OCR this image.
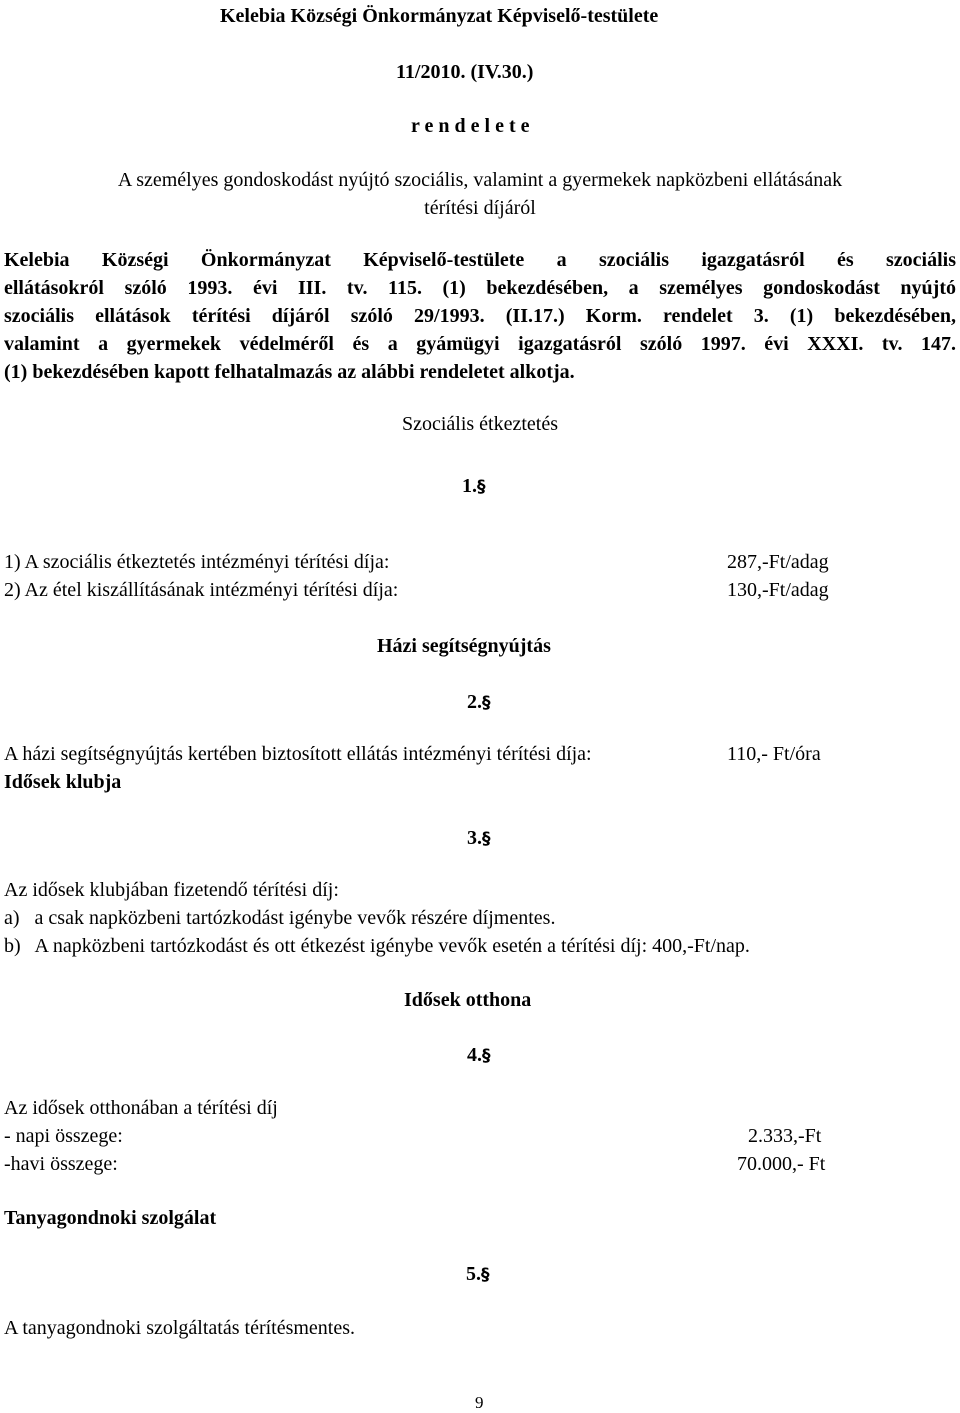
Kelebia Községi Önkormányzat Képviselő-testülete
11/2010. (IV.30.)
r e n d e l e t e
A személyes gondoskodást nyújtó szociális, valamint a gyermekek napközbeni ellátásának
térítési díjáról
Kelebia Községi Önkormányzat Képviselő-testülete a szociális igazgatásról és szociális
ellátásokról szóló 1993. évi III. tv. 115. (1) bekezdésében, a személyes gondoskodást nyújtó
szociális ellátások térítési díjáról szóló 29/1993. (II.17.) Korm. rendelet 3. (1) bekezdésében,
valamint a gyermekek védelméről és a gyámügyi igazgatásról szóló 1997. évi XXXI. tv. 147.
(1) bekezdésében kapott felhatalmazás az alábbi rendeletet alkotja.
Szociális étkeztetés
1.§
1) A szociális étkeztetés intézményi térítési díja:	287,-Ft/adag
2) Az étel kiszállításának intézményi térítési díja:	130,-Ft/adag
Házi segítségnyújtás
2.§
A házi segítségnyújtás kertében biztosított ellátás intézményi térítési díja:	110,- Ft/óra
Idősek klubja
3.§
Az idősek klubjában fizetendő térítési díj:
a)   a csak napközbeni tartózkodást igénybe vevők részére díjmentes.
b)   A napközbeni tartózkodást és ott étkezést igénybe vevők esetén a térítési díj: 400,-Ft/nap.
Idősek otthona
4.§
Az idősek otthonában a térítési díj
- napi összege:	2.333,-Ft
-havi összege:	70.000,- Ft
Tanyagondnoki szolgálat
5.§
A tanyagondnoki szolgáltatás térítésmentes.
9
